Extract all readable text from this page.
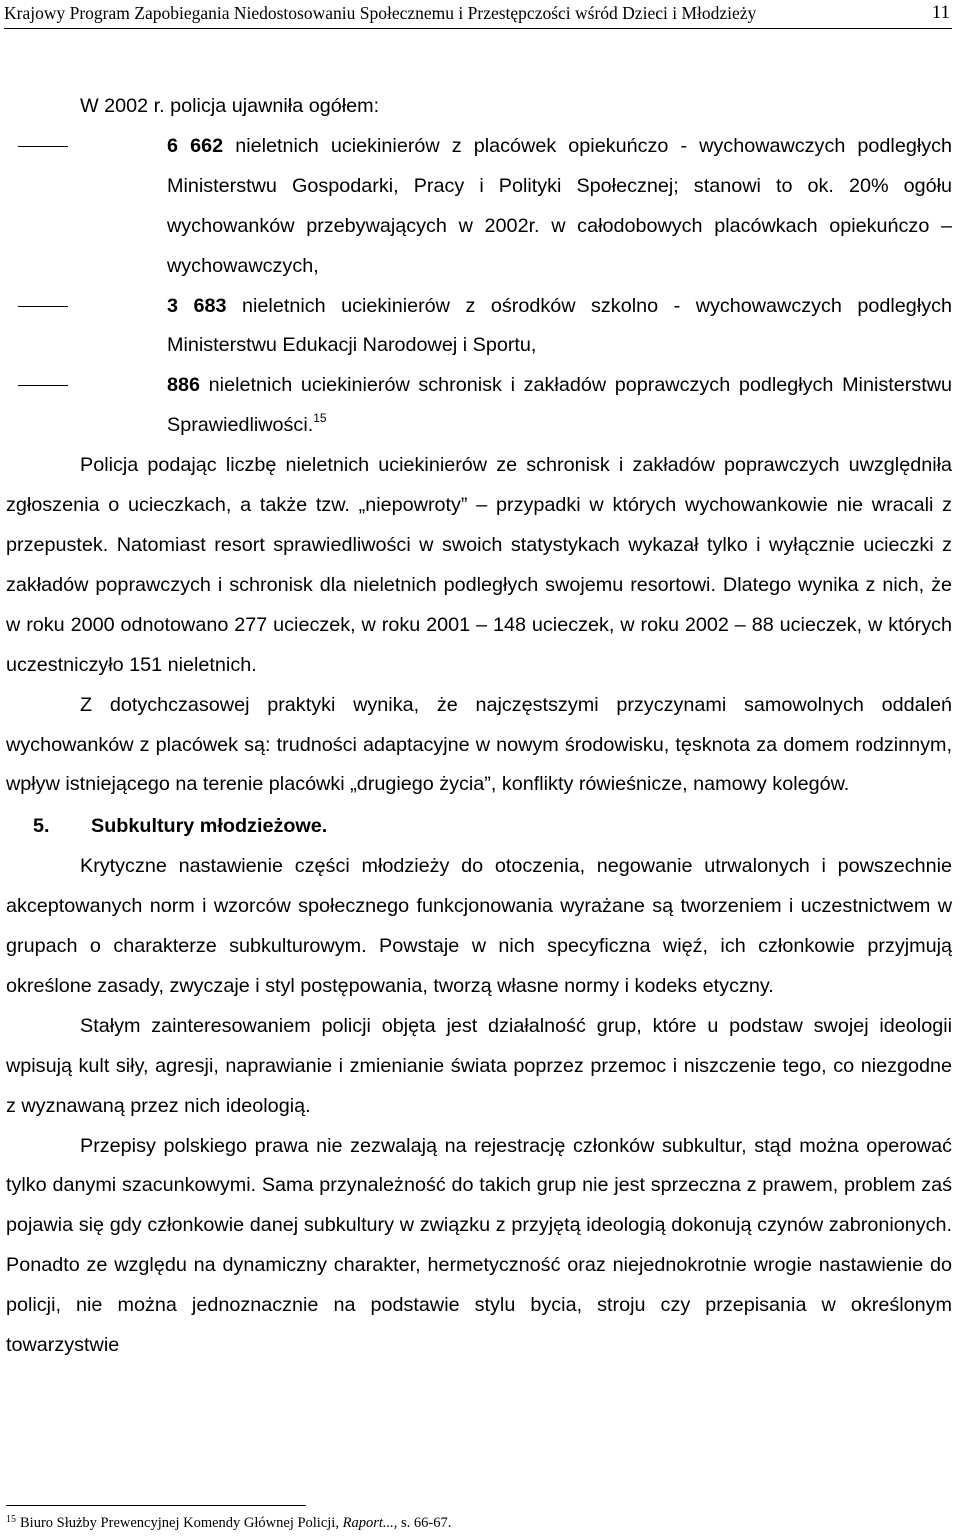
Krajowy Program Zapobiegania Niedostosowaniu Społecznemu i Przestępczości wśród Dzieci i Młodzieży	11

W 2002 r. policja ujawniła ogółem:

6 662 nieletnich uciekinierów z placówek opiekuńczo - wychowawczych podległych Ministerstwu Gospodarki, Pracy i Polityki Społecznej; stanowi to ok. 20% ogółu wychowanków przebywających w 2002r. w całodobowych placówkach opiekuńczo – wychowawczych,
3 683 nieletnich uciekinierów z ośrodków szkolno - wychowawczych podległych Ministerstwu Edukacji Narodowej i Sportu,
886 nieletnich uciekinierów schronisk i zakładów poprawczych podległych Ministerstwu Sprawiedliwości.$^{15}$

Policja podając liczbę nieletnich uciekinierów ze schronisk i zakładów poprawczych uwzględniła zgłoszenia o ucieczkach, a także tzw. „niepowroty” – przypadki w których wychowankowie nie wracali z przepustek. Natomiast resort sprawiedliwości w swoich statystykach wykazał tylko i wyłącznie ucieczki z zakładów poprawczych i schronisk dla nieletnich podległych swojemu resortowi. Dlatego wynika z nich, że w roku 2000 odnotowano 277 ucieczek, w roku 2001 – 148 ucieczek, w roku 2002 – 88 ucieczek, w których uczestniczyło 151 nieletnich.

Z dotychczasowej praktyki wynika, że najczęstszymi przyczynami samowolnych oddaleń wychowanków z placówek są: trudności adaptacyjne w nowym środowisku, tęsknota za domem rodzinnym, wpływ istniejącego na terenie placówki „drugiego życia”, konflikty rówieśnicze, namowy kolegów.

5. Subkultury młodzieżowe.

Krytyczne nastawienie części młodzieży do otoczenia, negowanie utrwalonych i powszechnie akceptowanych norm i wzorców społecznego funkcjonowania wyrażane są tworzeniem i uczestnictwem w grupach o charakterze subkulturowym. Powstaje w nich specyficzna więź, ich członkowie przyjmują określone zasady, zwyczaje i styl postępowania, tworzą własne normy i kodeks etyczny.

Stałym zainteresowaniem policji objęta jest działalność grup, które u podstaw swojej ideologii wpisują kult siły, agresji, naprawianie i zmienianie świata poprzez przemoc i niszczenie tego, co niezgodne z wyznawaną przez nich ideologią.

Przepisy polskiego prawa nie zezwalają na rejestrację członków subkultur, stąd można operować tylko danymi szacunkowymi. Sama przynależność do takich grup nie jest sprzeczna z prawem, problem zaś pojawia się gdy członkowie danej subkultury w związku z przyjętą ideologią dokonują czynów zabronionych. Ponadto ze względu na dynamiczny charakter, hermetyczność oraz niejednokrotnie wrogie nastawienie do policji, nie można jednoznacznie na podstawie stylu bycia, stroju czy przepisania w określonym towarzystwie

$^{15}$ Biuro Służby Prewencyjnej Komendy Głównej Policji, Raport..., s. 66-67.
